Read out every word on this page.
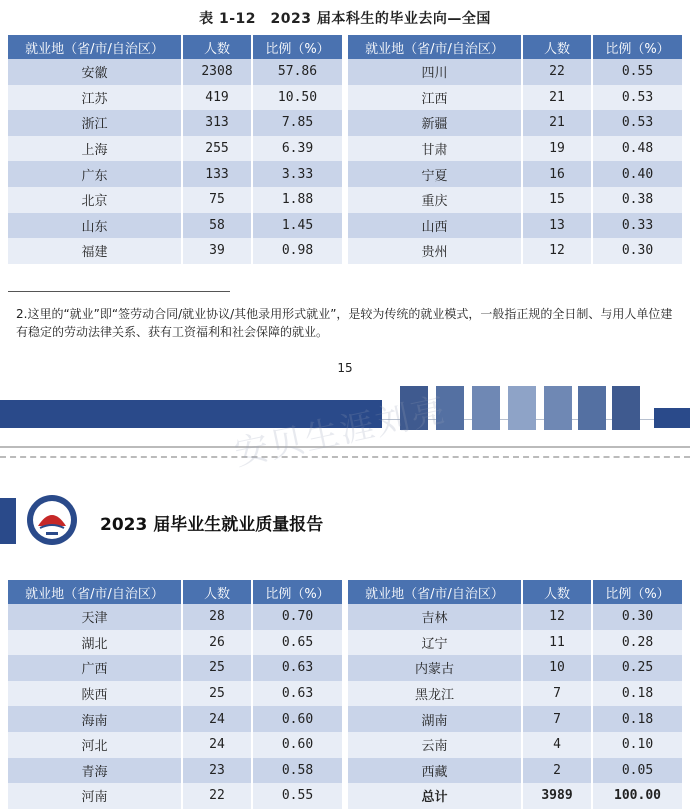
表 1-12　2023 届本科生的毕业去向—全国
就业地（省/市/自治区）	人数	比例（%）
安徽	2308	57.86
江苏	419	10.50
浙江	313	7.85
上海	255	6.39
广东	133	3.33
北京	75	1.88
山东	58	1.45
福建	39	0.98
就业地（省/市/自治区）	人数	比例（%）
四川	22	0.55
江西	21	0.53
新疆	21	0.53
甘肃	19	0.48
宁夏	16	0.40
重庆	15	0.38
山西	13	0.33
贵州	12	0.30
2.这里的“就业”即“签劳动合同/就业协议/其他录用形式就业”，是较为传统的就业模式，一般指正规的全日制、与用人单位建有稳定的劳动法律关系、获有工资福利和社会保障的就业。
15
2023 届毕业生就业质量报告
安贝生涯刘亮
就业地（省/市/自治区）	人数	比例（%）
天津	28	0.70
湖北	26	0.65
广西	25	0.63
陕西	25	0.63
海南	24	0.60
河北	24	0.60
青海	23	0.58
河南	22	0.55
就业地（省/市/自治区）	人数	比例（%）
吉林	12	0.30
辽宁	11	0.28
内蒙古	10	0.25
黑龙江	7	0.18
湖南	7	0.18
云南	4	0.10
西藏	2	0.05
总计	3989	100.00
